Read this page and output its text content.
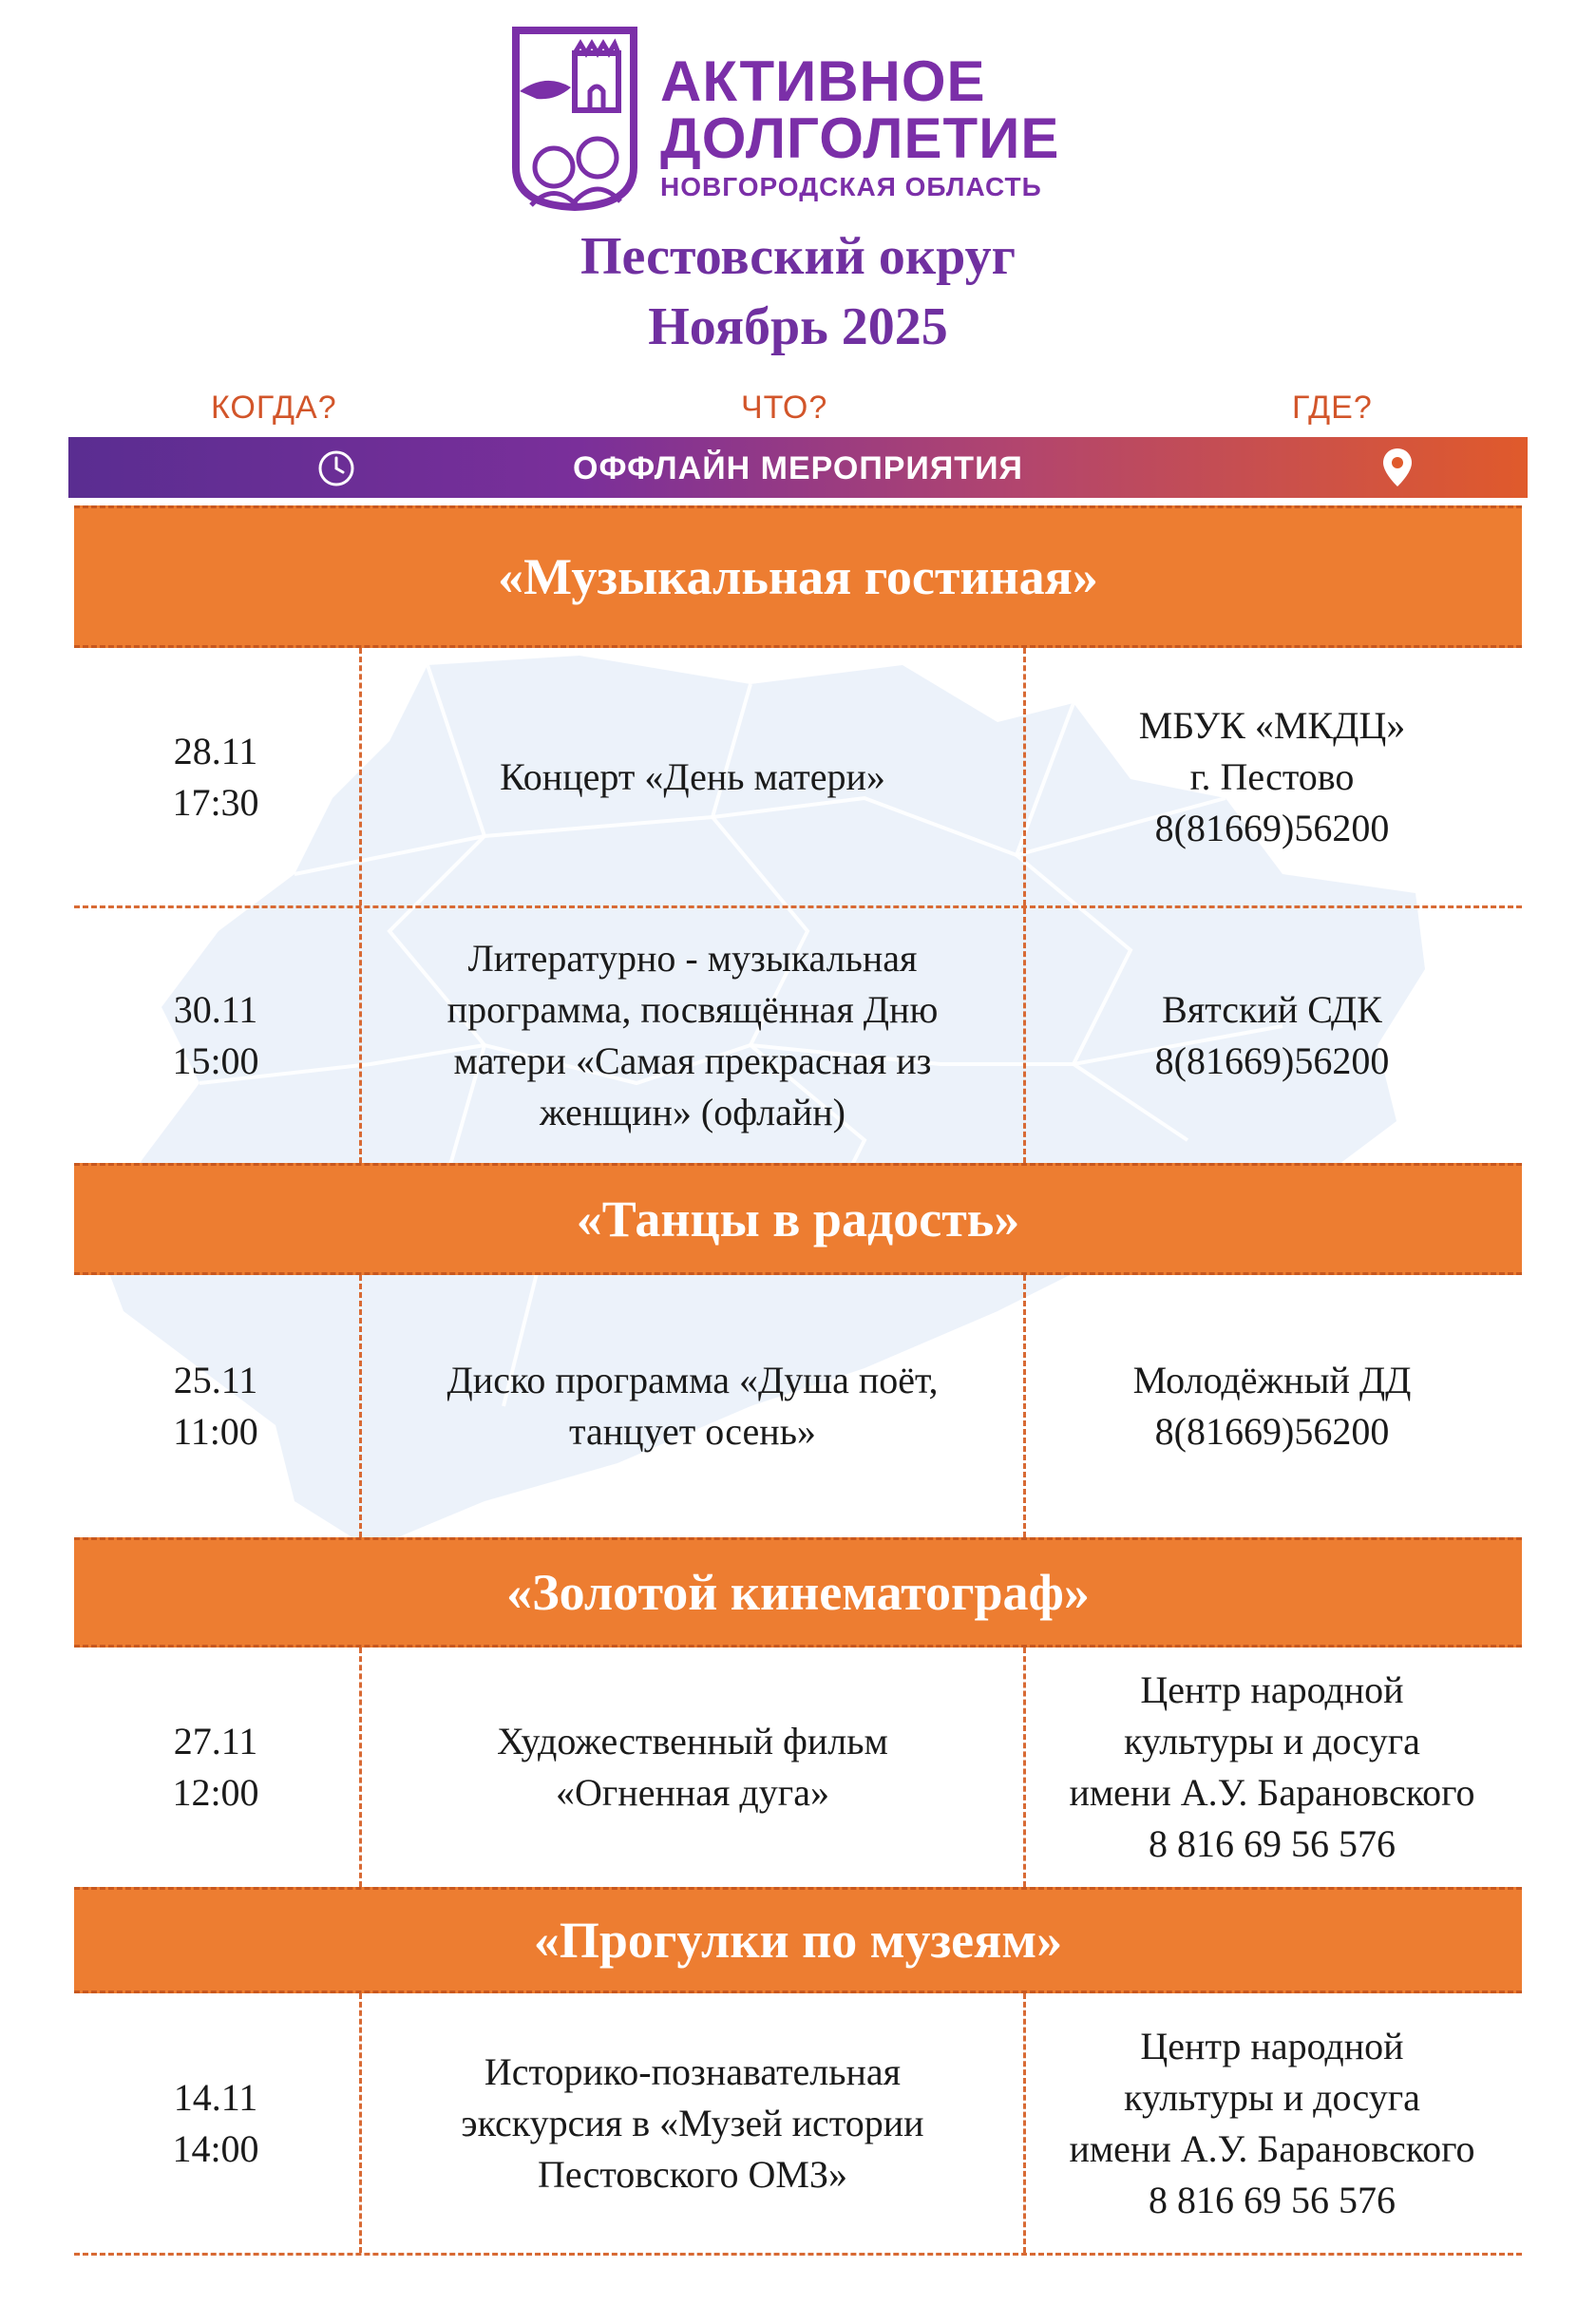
АКТИВНОЕ
ДОЛГОЛЕТИЕ
НОВГОРОДСКАЯ ОБЛАСТЬ
Пестовский округ
Ноябрь 2025
КОГДА?	ЧТО?	ГДЕ?
ОФФЛАЙН МЕРОПРИЯТИЯ
«Музыкальная гостиная»
28.11
17:30
Концерт «День матери»
МБУК «МКДЦ»
г. Пестово
8(81669)56200
30.11
15:00
Литературно - музыкальная
программа, посвящённая Дню
матери «Самая прекрасная из
женщин» (офлайн)
Вятский СДК
8(81669)56200
«Танцы в радость»
25.11
11:00
Диско программа «Душа поёт,
танцует осень»
Молодёжный ДД
8(81669)56200
«Золотой кинематограф»
27.11
12:00
Художественный фильм
«Огненная дуга»
Центр народной
культуры и досуга
имени А.У. Барановского
8 816 69 56 576
«Прогулки по музеям»
14.11
14:00
Историко-познавательная
экскурсия в «Музей истории
Пестовского ОМЗ»
Центр народной
культуры и досуга
имени А.У. Барановского
8 816 69 56 576
